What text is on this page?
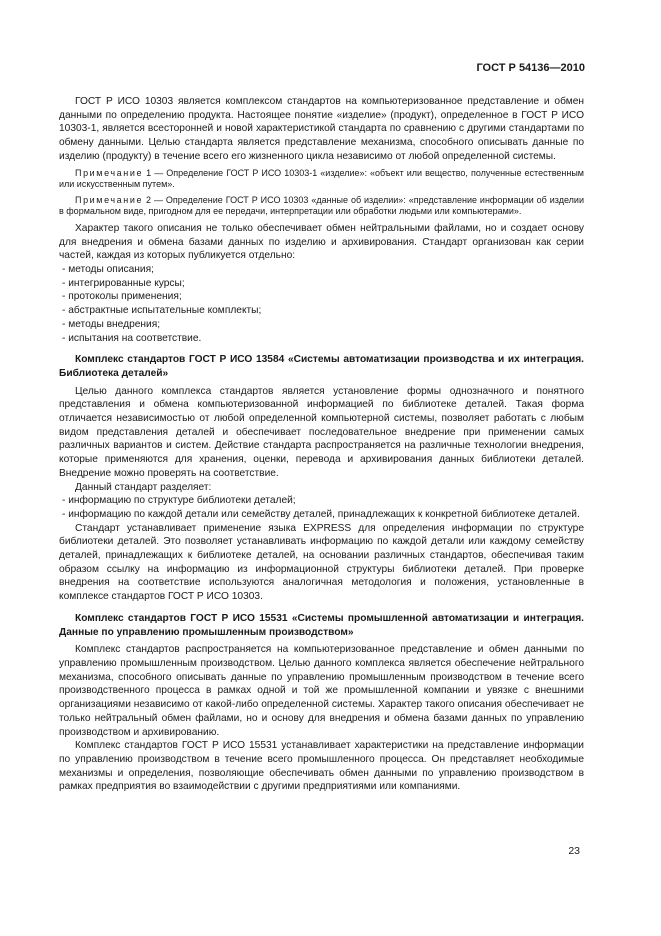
ГОСТ Р 54136—2010

ГОСТ Р ИСО 10303 является комплексом стандартов на компьютеризованное представление и обмен данными по определению продукта. Настоящее понятие «изделие» (продукт), определенное в ГОСТ Р ИСО 10303-1, является всесторонней и новой характеристикой стандарта по сравнению с другими стандартами по обмену данными. Целью стандарта является представление механизма, способного описывать данные по изделию (продукту) в течение всего его жизненного цикла независимо от любой определенной системы.

Примечание 1 — Определение ГОСТ Р ИСО 10303-1 «изделие»: «объект или вещество, полученные естественным или искусственным путем».

Примечание 2 — Определение ГОСТ Р ИСО 10303 «данные об изделии»: «представление информации об изделии в формальном виде, пригодном для ее передачи, интерпретации или обработки людьми или компьютерами».

Характер такого описания не только обеспечивает обмен нейтральными файлами, но и создает основу для внедрения и обмена базами данных по изделию и архивирования. Стандарт организован как серии частей, каждая из которых публикуется отдельно:

- методы описания;
- интегрированные курсы;
- протоколы применения;
- абстрактные испытательные комплекты;
- методы внедрения;
- испытания на соответствие.

Комплекс стандартов ГОСТ Р ИСО 13584 «Системы автоматизации производства и их интеграция. Библиотека деталей»

Целью данного комплекса стандартов является установление формы однозначного и понятного представления и обмена компьютеризованной информацией по библиотеке деталей. Такая форма отличается независимостью от любой определенной компьютерной системы, позволяет работать с любым видом представления деталей и обеспечивает последовательное внедрение при применении самых различных вариантов и систем. Действие стандарта распространяется на различные технологии внедрения, которые применяются для хранения, оценки, перевода и архивирования данных библиотеки деталей. Внедрение можно проверять на соответствие.

Данный стандарт разделяет:

- информацию по структуре библиотеки деталей;
- информацию по каждой детали или семейству деталей, принадлежащих к конкретной библиотеке деталей.

Стандарт устанавливает применение языка EXPRESS для определения информации по структуре библиотеки деталей. Это позволяет устанавливать информацию по каждой детали или каждому семейству деталей, принадлежащих к библиотеке деталей, на основании различных стандартов, обеспечивая таким образом ссылку на информацию из информационной структуры библиотеки деталей. При проверке внедрения на соответствие используются аналогичная методология и положения, установленные в комплексе стандартов ГОСТ Р ИСО 10303.

Комплекс стандартов ГОСТ Р ИСО 15531 «Системы промышленной автоматизации и интеграция. Данные по управлению промышленным производством»

Комплекс стандартов распространяется на компьютеризованное представление и обмен данными по управлению промышленным производством. Целью данного комплекса является обеспечение нейтрального механизма, способного описывать данные по управлению промышленным производством в течение всего производственного процесса в рамках одной и той же промышленной компании и увязке с внешними организациями независимо от какой-либо определенной системы. Характер такого описания обеспечивает не только нейтральный обмен файлами, но и основу для внедрения и обмена базами данных по управлению производством и архивированию.

Комплекс стандартов ГОСТ Р ИСО 15531 устанавливает характеристики на представление информации по управлению производством в течение всего промышленного процесса. Он представляет необходимые механизмы и определения, позволяющие обеспечивать обмен данными по управлению производством в рамках предприятия во взаимодействии с другими предприятиями или компаниями.

23
